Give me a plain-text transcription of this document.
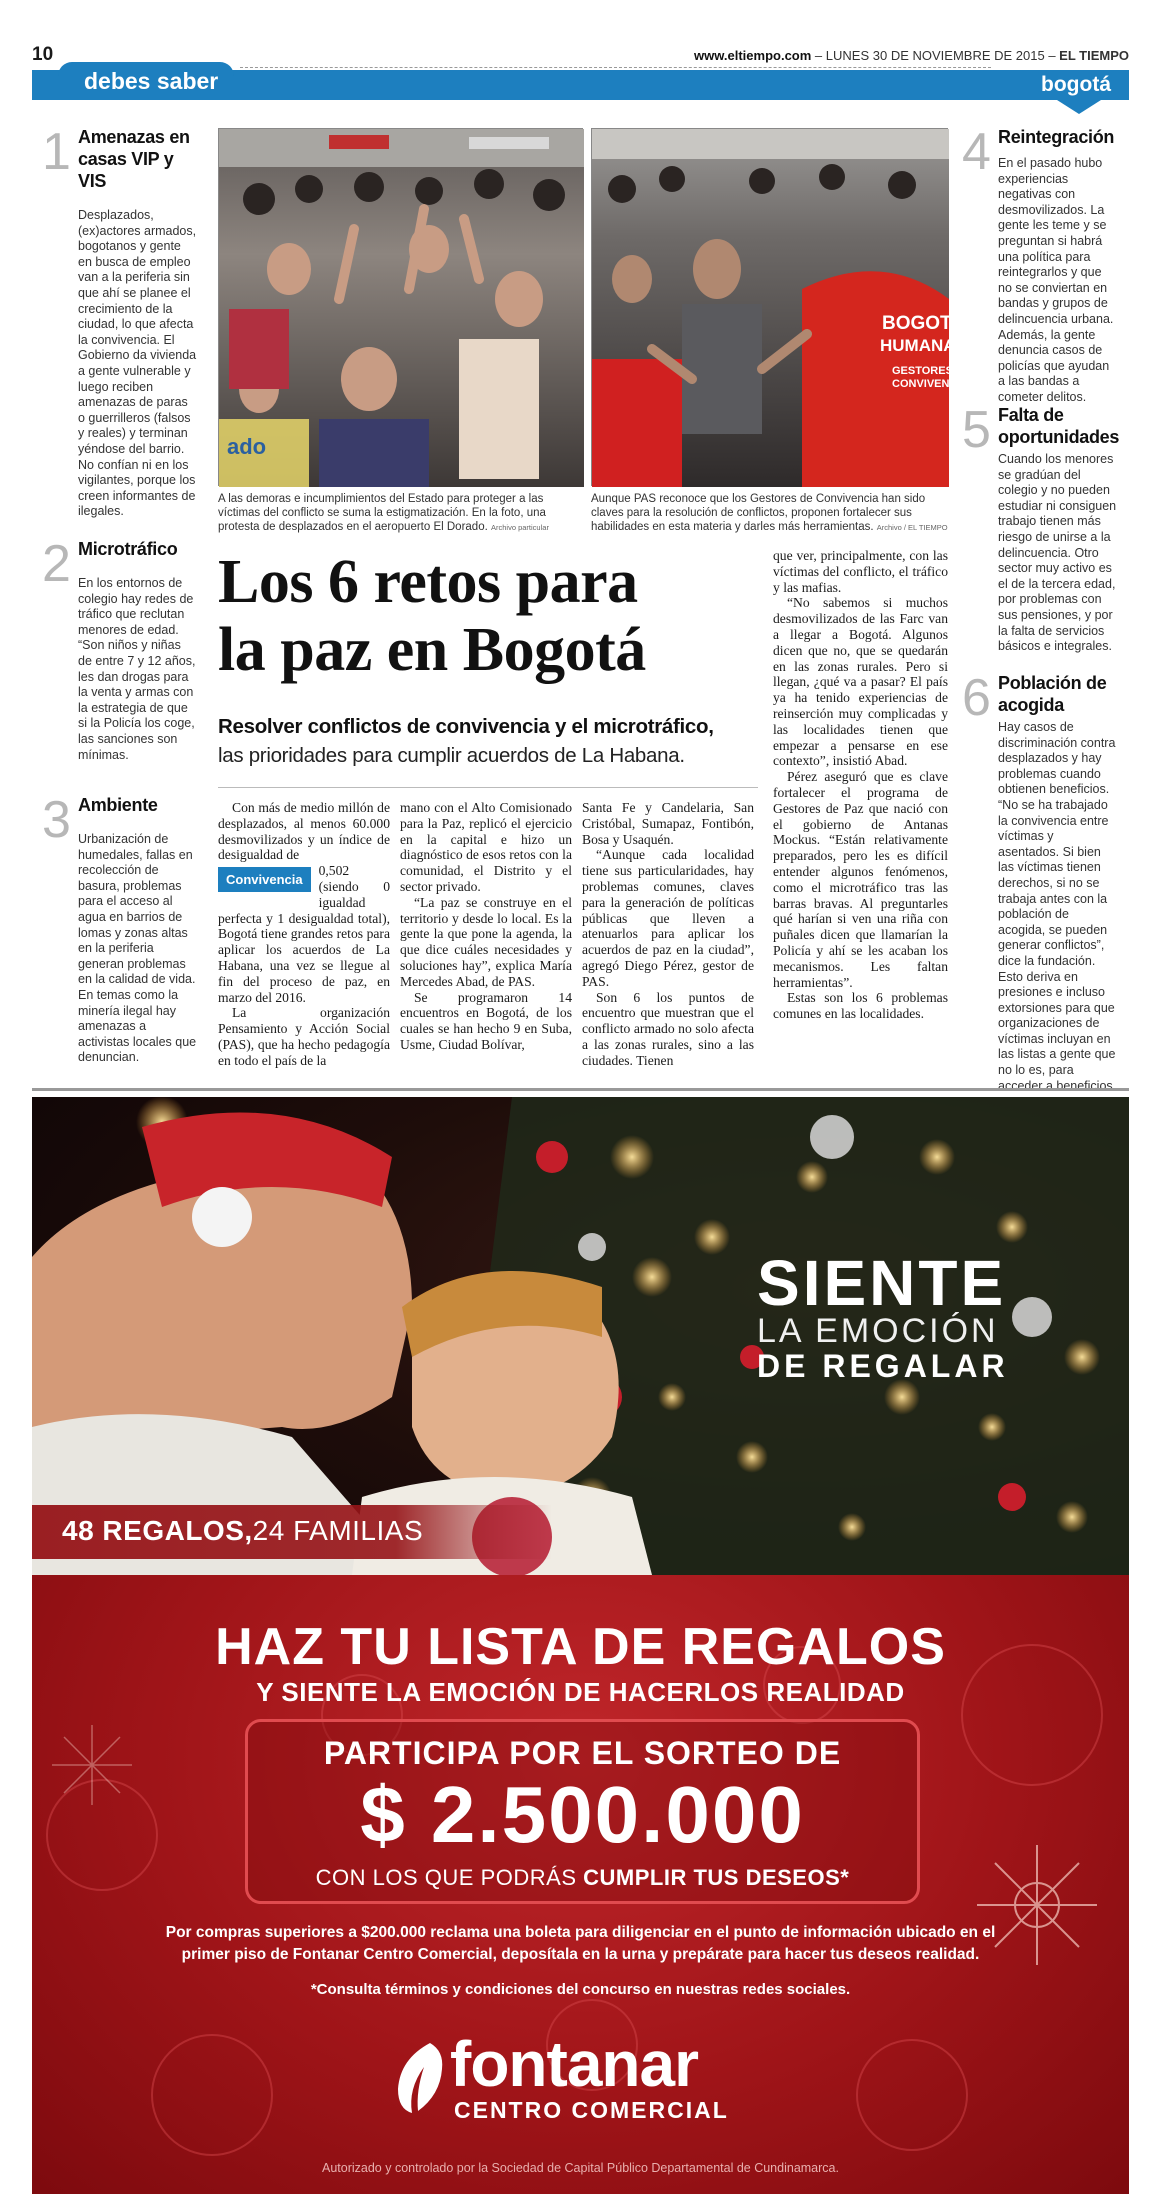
10	www.eltiempo.com – LUNES 30 DE NOVIEMBRE DE 2015 – EL TIEMPO
debes saber	bogotá
1 Amenazas en casas VIP y VIS
Desplazados, (ex)actores armados, bogotanos y gente en busca de empleo van a la periferia sin que ahí se planee el crecimiento de la ciudad, lo que afecta la convivencia. El Gobierno da vivienda a gente vulnerable y luego reciben amenazas de paras o guerrilleros (falsos y reales) y terminan yéndose del barrio. No confían ni en los vigilantes, porque los creen informantes de ilegales.
2 Microtráfico
En los entornos de colegio hay redes de tráfico que reclutan menores de edad. “Son niños y niñas de entre 7 y 12 años, les dan drogas para la venta y armas con la estrategia de que si la Policía los coge, las sanciones son mínimas.
3 Ambiente
Urbanización de humedales, fallas en recolección de basura, problemas para el acceso al agua en barrios de lomas y zonas altas en la periferia generan problemas en la calidad de vida. En temas como la minería ilegal hay amenazas a activistas locales que denuncian.
4 Reintegración
En el pasado hubo experiencias negativas con desmovilizados. La gente les teme y se preguntan si habrá una política para reintegrarlos y que no se conviertan en bandas y grupos de delincuencia urbana. Además, la gente denuncia casos de policías que ayudan a las bandas a cometer delitos.
5 Falta de oportunidades
Cuando los menores se gradúan del colegio y no pueden estudiar ni consiguen trabajo tienen más riesgo de unirse a la delincuencia. Otro sector muy activo es el de la tercera edad, por problemas con sus pensiones, y por la falta de servicios básicos e integrales.
6 Población de acogida
Hay casos de discriminación contra desplazados y hay problemas cuando obtienen beneficios. “No se ha trabajado la convivencia entre víctimas y asentados. Si bien las víctimas tienen derechos, si no se trabaja antes con la población de acogida, se pueden generar conflictos”, dice la fundación. Esto deriva en presiones e incluso extorsiones para que organizaciones de víctimas incluyan en las listas a gente que no lo es, para acceder a beneficios.
ado
A las demoras e incumplimientos del Estado para proteger a las víctimas del conflicto se suma la estigmatización. En la foto, una protesta de desplazados en el aeropuerto El Dorado. Archivo particular
BOGOTÁ
HUMANA
GESTORES DE
CONVIVENCIA
Aunque PAS reconoce que los Gestores de Convivencia han sido claves para la resolución de conflictos, proponen fortalecer sus habilidades en esta materia y darles más herramientas. Archivo / EL TIEMPO
Los 6 retos para
la paz en Bogotá
Resolver conflictos de convivencia y el microtráfico,
las prioridades para cumplir acuerdos de La Habana.

Con más de medio millón de desplazados, al menos 60.000 desmovilizados y un índice de desigualdad de

Convivencia

0,502 (siendo 0 igualdad perfecta y 1 desigualdad total), Bogotá tiene grandes retos para aplicar los acuerdos de La Habana, una vez se llegue al fin del proceso de paz, en marzo del 2016.

La organización Pensamiento y Acción Social (PAS), que ha hecho pedagogía en todo el país de la

mano con el Alto Comisionado para la Paz, replicó el ejercicio en la capital e hizo un diagnóstico de esos retos con la comunidad, el Distrito y el sector privado.

“La paz se construye en el territorio y desde lo local. Es la gente la que pone la agenda, la que dice cuáles necesidades y soluciones hay”, explica María Mercedes Abad, de PAS.

Se programaron 14 encuentros en Bogotá, de los cuales se han hecho 9 en Suba, Usme, Ciudad Bolívar,

Santa Fe y Candelaria, San Cristóbal, Sumapaz, Fontibón, Bosa y Usaquén.

“Aunque cada localidad tiene sus particularidades, hay problemas comunes, claves para la generación de políticas públicas que lleven a atenuarlos para aplicar los acuerdos de paz en la ciudad”, agregó Diego Pérez, gestor de PAS.

Son 6 los puntos de encuentro que muestran que el conflicto armado no solo afecta a las zonas rurales, sino a las ciudades. Tienen

que ver, principalmente, con las víctimas del conflicto, el tráfico y las mafias.

“No sabemos si muchos desmovilizados de las Farc van a llegar a Bogotá. Algunos dicen que no, que se quedarán en las zonas rurales. Pero si llegan, ¿qué va a pasar? El país ya ha tenido experiencias de reinserción muy complicadas y las localidades tienen que empezar a pensarse en ese contexto”, insistió Abad.

Pérez aseguró que es clave fortalecer el programa de Gestores de Paz que nació con el gobierno de Antanas Mockus. “Están relativamente preparados, pero les es difícil entender algunos fenómenos, como el microtráfico tras las barras bravas. Al preguntarles qué harían si ven una riña con puñales dicen que llamarían la Policía y ahí se les acaban los mecanismos. Les faltan herramientas”.

Estas son los 6 problemas comunes en las localidades.

SIENTE
LA EMOCIÓN
DE REGALAR
48 REGALOS,24 FAMILIAS
HAZ TU LISTA DE REGALOS
Y SIENTE LA EMOCIÓN DE HACERLOS REALIDAD
PARTICIPA POR EL SORTEO DE
$ 2.500.000
CON LOS QUE PODRÁS CUMPLIR TUS DESEOS*
Por compras superiores a $200.000 reclama una boleta para diligenciar en el punto de información ubicado en el
primer piso de Fontanar Centro Comercial, deposítala en la urna y prepárate para hacer tus deseos realidad.
*Consulta términos y condiciones del concurso en nuestras redes sociales.
fontanar
CENTRO COMERCIAL
Autorizado y controlado por la Sociedad de Capital Público Departamental de Cundinamarca.
